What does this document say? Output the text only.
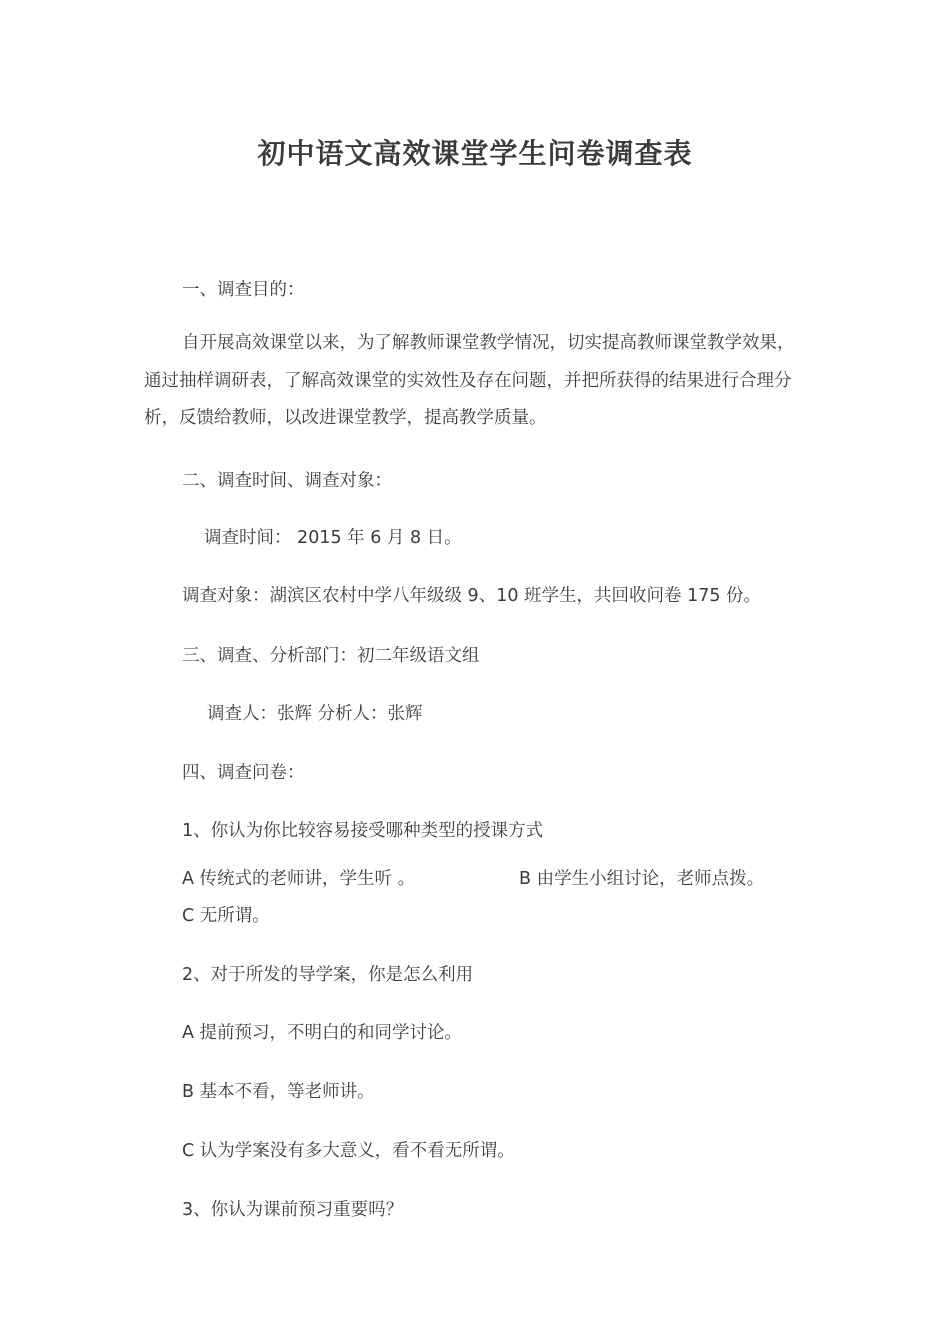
初中语文高效课堂学生问卷调查表
一、调查目的：
自开展高效课堂以来，为了解教师课堂教学情况，切实提高教师课堂教学效果，通过抽样调研表，了解高效课堂的实效性及存在问题，并把所获得的结果进行合理分析，反馈给教师，以改进课堂教学，提高教学质量。
二、调查时间、调查对象：
调查时间： 2015 年 6 月 8 日。
调查对象：湖滨区农村中学八年级级 9、10 班学生，共回收问卷 175 份。
三、调查、分析部门：初二年级语文组
调查人：张辉 分析人：张辉
四、调查问卷：
1、你认为你比较容易接受哪种类型的授课方式
A 传统式的老师讲，学生听 。	B 由学生小组讨论，老师点拨。
C 无所谓。
2、对于所发的导学案，你是怎么利用
A 提前预习，不明白的和同学讨论。
B 基本不看，等老师讲。
C 认为学案没有多大意义，看不看无所谓。
3、你认为课前预习重要吗？
